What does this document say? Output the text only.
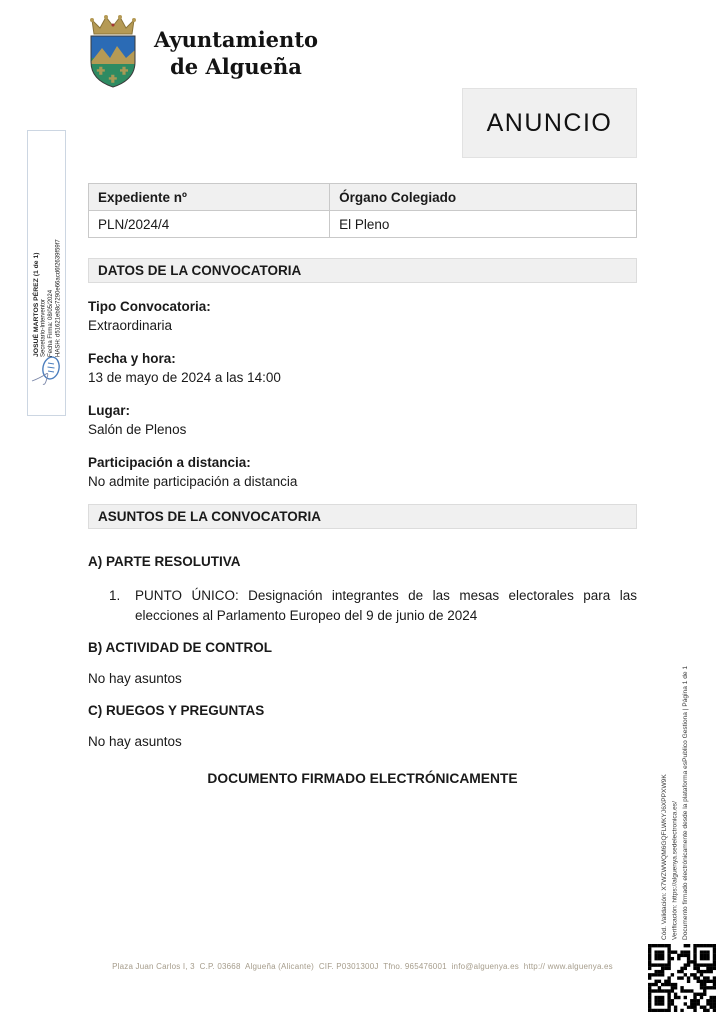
Ayuntamiento
de Algueña
ANUNCIO
Expediente nº	Órgano Colegiado
PLN/2024/4	El Pleno
DATOS DE LA CONVOCATORIA
Tipo Convocatoria:
Extraordinaria
Fecha y hora:
13 de mayo de 2024 a las 14:00
Lugar:
Salón de Plenos
Participación a distancia:
No admite participación a distancia
ASUNTOS DE LA CONVOCATORIA
A) PARTE RESOLUTIVA
1. PUNTO ÚNICO: Designación integrantes de las mesas electorales para las elecciones al Parlamento Europeo del 9 de junio de 2024
B) ACTIVIDAD DE CONTROL
No hay asuntos
C) RUEGOS Y PREGUNTAS
No hay asuntos
DOCUMENTO FIRMADO ELECTRÓNICAMENTE
JOSUÉ MARTOS PÉREZ (1 de 1) Secretario-Interventor Fecha Firma: 08/05/2024 HASH: d51621eb8c7290e66acd6f2639f59f7
Cód. Validación: X7WZWWQM6GQFLWKYJ6XPPXW9K Verificación: https://alguenya.sedelectronica.es/ Documento firmado electrónicamente desde la plataforma esPublico Gestiona | Página 1 de 1
Plaza Juan Carlos I, 3  C.P. 03668  Algueña (Alicante)  CIF. P0301300J  Tfno. 965476001  info@alguenya.es  http:// www.alguenya.es
